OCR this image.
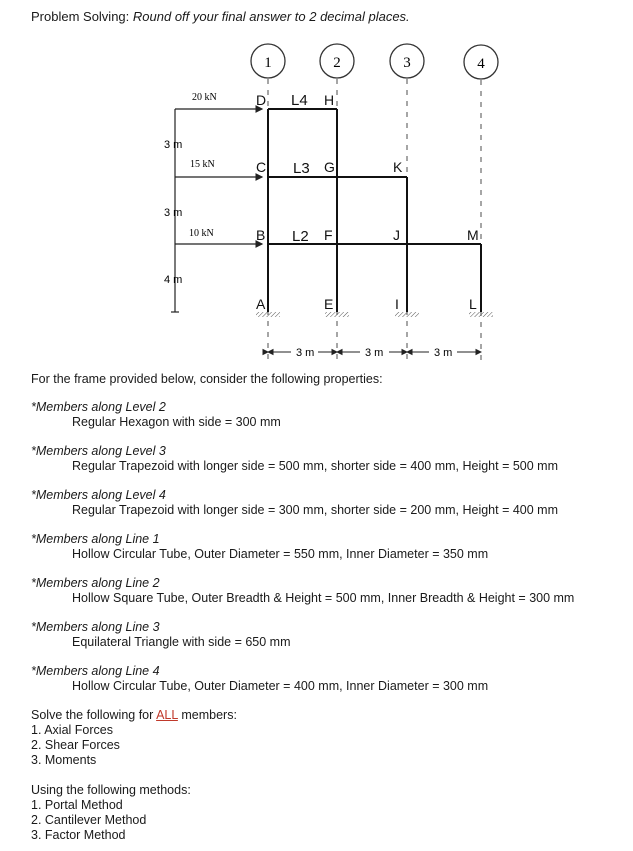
Problem Solving: Round off your final answer to 2 decimal places.
1	2	3	4
D	H
C	G	K
B	F	J	M
A	E	I	L
L4
L3
L2
20 kN
15 kN
10 kN
3 m
3 m
4 m
3 m	3 m	3 m
For the frame provided below, consider the following properties:
*Members along Level 2
Regular Hexagon with side = 300 mm
*Members along Level 3
Regular Trapezoid with longer side = 500 mm, shorter side = 400 mm, Height = 500 mm
*Members along Level 4
Regular Trapezoid with longer side = 300 mm, shorter side = 200 mm, Height = 400 mm
*Members along Line 1
Hollow Circular Tube, Outer Diameter = 550 mm, Inner Diameter = 350 mm
*Members along Line 2
Hollow Square Tube, Outer Breadth & Height = 500 mm, Inner Breadth & Height = 300 mm
*Members along Line 3
Equilateral Triangle with side = 650 mm
*Members along Line 4
Hollow Circular Tube, Outer Diameter = 400 mm, Inner Diameter = 300 mm
Solve the following for ALL members:
1. Axial Forces
2. Shear Forces
3. Moments
Using the following methods:
1. Portal Method
2. Cantilever Method
3. Factor Method
